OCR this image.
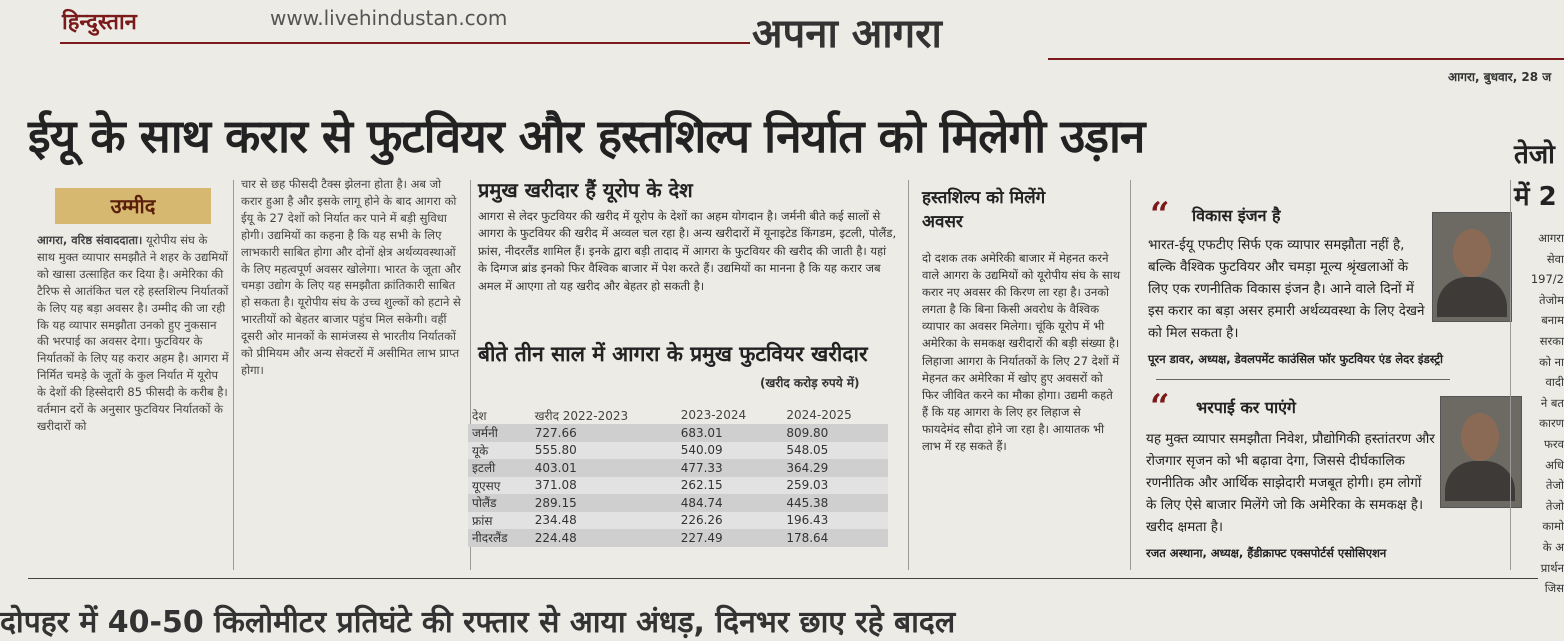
हिन्दुस्तान	www.livehindustan.com	अपना आगरा
आगरा, बुधवार, 28 ज
ईयू के साथ करार से फुटवियर और हस्तशिल्प निर्यात को मिलेगी उड़ान	तेजो
में 2
उम्मीद

आगरा, वरिष्ठ संवाददाता। यूरोपीय संघ के साथ मुक्त व्यापार समझौते ने शहर के उद्यमियों को खासा उत्साहित कर दिया है। अमेरिका की टैरिफ से आतंकित चल रहे हस्तशिल्प निर्यातकों के लिए यह बड़ा अवसर है। उम्मीद की जा रही कि यह व्यापार समझौता उनको हुए नुकसान की भरपाई का अवसर देगा। फुटवियर के निर्यातकों के लिए यह करार अहम है। आगरा में निर्मित चमड़े के जूतों के कुल निर्यात में यूरोप के देशों की हिस्सेदारी 85 फीसदी के करीब है। वर्तमान दरों के अनुसार फुटवियर निर्यातकों के खरीदारों को

चार से छह फीसदी टैक्स झेलना होता है। अब जो करार हुआ है और इसके लागू होने के बाद आगरा को ईयू के 27 देशों को निर्यात कर पाने में बड़ी सुविधा होगी। उद्यमियों का कहना है कि यह सभी के लिए लाभकारी साबित होगा और दोनों क्षेत्र अर्थव्यवस्थाओं के लिए महत्वपूर्ण अवसर खोलेगा। भारत के जूता और चमड़ा उद्योग के लिए यह समझौता क्रांतिकारी साबित हो सकता है। यूरोपीय संघ के उच्च शुल्कों को हटाने से भारतीयों को बेहतर बाजार पहुंच मिल सकेगी। वहीं दूसरी ओर मानकों के सामंजस्य से भारतीय निर्यातकों को प्रीमियम और अन्य सेक्टरों में असीमित लाभ प्राप्त होगा।

प्रमुख खरीदार हैं यूरोप के देश
आगरा से लेदर फुटवियर की खरीद में यूरोप के देशों का अहम योगदान है। जर्मनी बीते कई सालों से आगरा के फुटवियर की खरीद में अव्वल चल रहा है। अन्य खरीदारों में यूनाइटेड किंगडम, इटली, पोलैंड, फ्रांस, नीदरलैंड शामिल हैं। इनके द्वारा बड़ी तादाद में आगरा के फुटवियर की खरीद की जाती है। यहां के दिग्गज ब्रांड इनको फिर वैश्विक बाजार में पेश करते हैं। उद्यमियों का मानना है कि यह करार जब अमल में आएगा तो यह खरीद और बेहतर हो सकती है।
बीते तीन साल में आगरा के प्रमुख फुटवियर खरीदार
(खरीद करोड़ रुपये में)
देश	खरीद 2022-2023	2023-2024	2024-2025
जर्मनी	727.66	683.01	809.80
यूके	555.80	540.09	548.05
इटली	403.01	477.33	364.29
यूएसए	371.08	262.15	259.03
पोलैंड	289.15	484.74	445.38
फ्रांस	234.48	226.26	196.43
नीदरलैंड	224.48	227.49	178.64
हस्तशिल्प को मिलेंगे अवसर
दो दशक तक अमेरिकी बाजार में मेहनत करने वाले आगरा के उद्यमियों को यूरोपीय संघ के साथ करार नए अवसर की किरण ला रहा है। उनको लगता है कि बिना किसी अवरोध के वैश्विक व्यापार का अवसर मिलेगा। चूंकि यूरोप में भी अमेरिका के समकक्ष खरीदारों की बड़ी संख्या है। लिहाजा आगरा के निर्यातकों के लिए 27 देशों में मेहनत कर अमेरिका में खोए हुए अवसरों को फिर जीवित करने का मौका होगा। उद्यमी कहते हैं कि यह आगरा के लिए हर लिहाज से फायदेमंद सौदा होने जा रहा है। आयातक भी लाभ में रह सकते हैं।
“ विकास इंजन है
भारत-ईयू एफटीए सिर्फ एक व्यापार समझौता नहीं है, बल्कि वैश्विक फुटवियर और चमड़ा मूल्य श्रृंखलाओं के लिए एक रणनीतिक विकास इंजन है। आने वाले दिनों में इस करार का बड़ा असर हमारी अर्थव्यवस्था के लिए देखने को मिल सकता है।
पूरन डावर, अध्यक्ष, डेवलपमेंट काउंसिल फॉर फुटवियर एंड लेदर इंडस्ट्री
“ भरपाई कर पाएंगे
यह मुक्त व्यापार समझौता निवेश, प्रौद्योगिकी हस्तांतरण और रोजगार सृजन को भी बढ़ावा देगा, जिससे दीर्घकालिक रणनीतिक और आर्थिक साझेदारी मजबूत होगी। हम लोगों के लिए ऐसे बाजार मिलेंगे जो कि अमेरिका के समकक्ष है। खरीद क्षमता है।
रजत अस्थाना, अध्यक्ष, हैंडीक्राफ्ट एक्सपोर्टर्स एसोसिएशन
आगरा
सेवा
197/2
तेजोम
बनाम
सरका
को ना
वादी
ने बत
कारण
फरव
अधि
तेजो
तेजो
कामो
के अ
प्रार्थन
जिस
दोपहर में 40-50 किलोमीटर प्रतिघंटे की रफ्तार से आया अंधड़, दिनभर छाए रहे बादल
